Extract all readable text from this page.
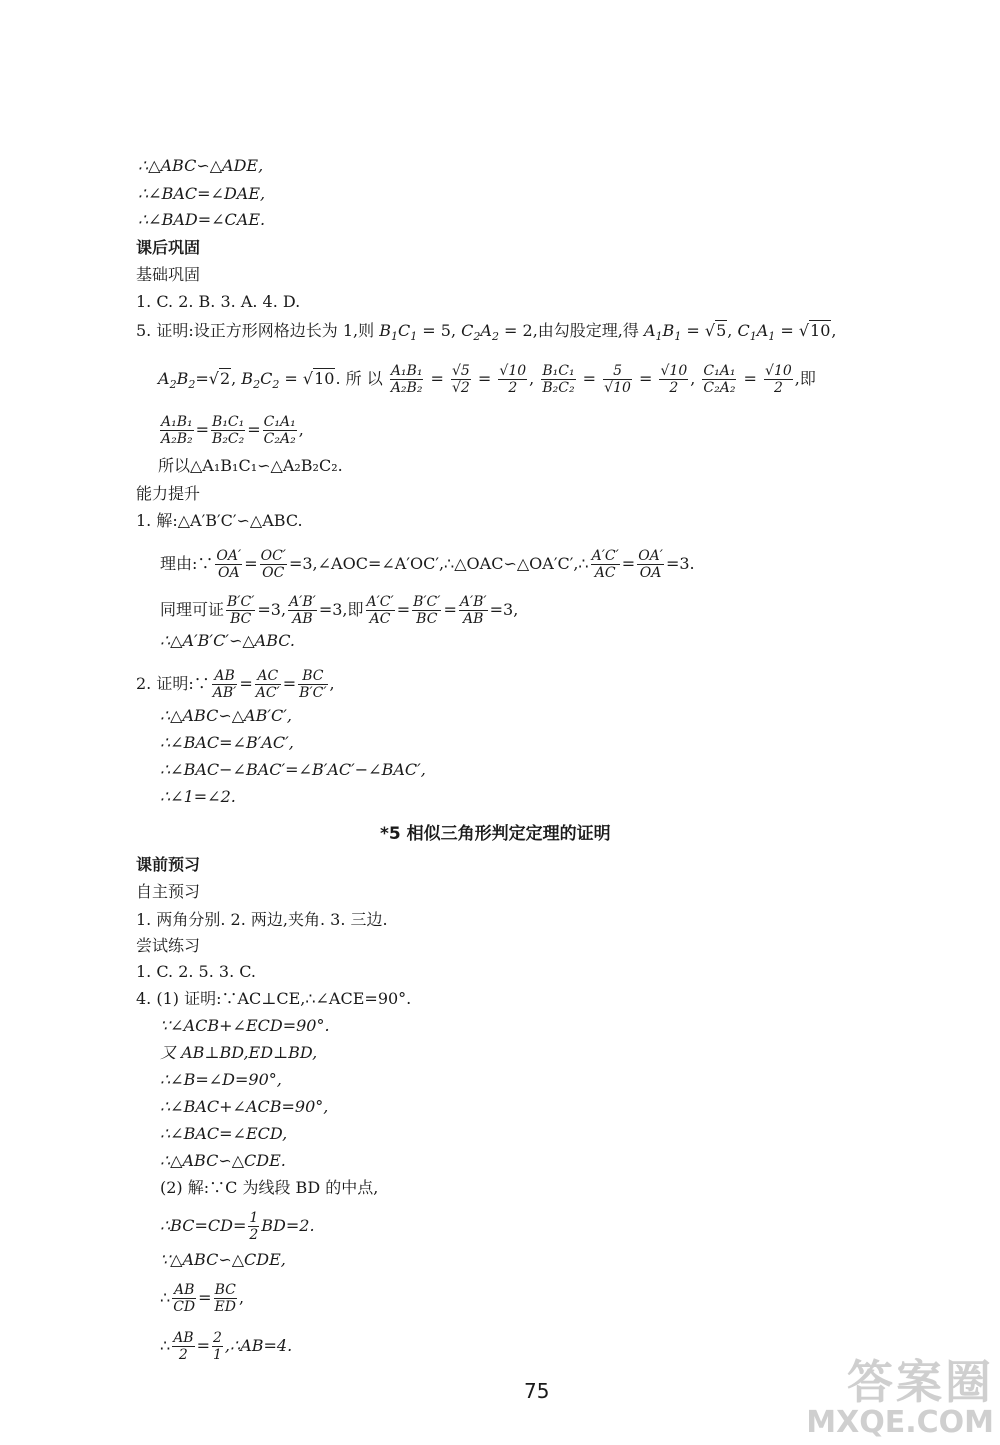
∴△ABC∽△ADE,
∴∠BAC=∠DAE,
∴∠BAD=∠CAE.
课后巩固
基础巩固
1. C. 2. B. 3. A. 4. D.
5. 证明:设正方形网格边长为 1,则 $B_1C_1 = 5$, $C_2A_2 = 2$,由勾股定理,得 $A_1B_1 = √5$, $C_1A_1 = √10$,
$A_2B_2=√2$, $B_2C_2 = √10$. 所 以 $\frac{\text{A₁B₁}}{\text{A₂B₂}} = \frac{√5}{√2} = \frac{√10}{2}$ , $\frac{\text{B₁C₁}}{\text{B₂C₂}} = \frac{5}{√10} = \frac{√10}{2}$ , $\frac{\text{C₁A₁}}{\text{C₂A₂}} = \frac{√10}{2}$ ,即
$\frac{\text{A₁B₁}}{\text{A₂B₂}} = \frac{\text{B₁C₁}}{\text{B₂C₂}} = \frac{\text{C₁A₁}}{\text{C₂A₂}}$ ,
所以△A₁B₁C₁∽△A₂B₂C₂.
能力提升
1. 解:△A′B′C′∽△ABC.
理由:∵ $\frac{OA'}{OA} = \frac{OC'}{OC}$ =3,∠AOC=∠A′OC′,∴△OAC∽△OA′C′,∴ $\frac{A'C'}{AC} = \frac{OA'}{OA} =3$.
同理可证 $\frac{B'C'}{BC} =3$, $\frac{A'B'}{AB} =3$,即 $\frac{A'C'}{AC} = \frac{B'C'}{BC} = \frac{A'B'}{AB} =3$,
∴△A′B′C′∽△ABC.
2. 证明:∵ $\frac{AB}{AB'} = \frac{AC}{AC'} = \frac{BC}{B'C'}$ ,
∴△ABC∽△AB′C′,
∴∠BAC=∠B′AC′,
∴∠BAC−∠BAC′=∠B′AC′−∠BAC′,
∴∠1=∠2.
*5 相似三角形判定定理的证明
课前预习
自主预习
1. 两角分别. 2. 两边,夹角. 3. 三边.
尝试练习
1. C. 2. 5. 3. C.
4. (1) 证明:∵AC⊥CE,∴∠ACE=90°.
∵∠ACB+∠ECD=90°.
又 AB⊥BD,ED⊥BD,
∴∠B=∠D=90°,
∴∠BAC+∠ACB=90°,
∴∠BAC=∠ECD,
∴△ABC∽△CDE.
(2) 解:∵C 为线段 BD 的中点,
∴BC=CD= $\frac{1}{2} BD=2$.
∵△ABC∽△CDE,
∴ $\frac{AB}{CD} = \frac{BC}{ED}$ ,
∴ $\frac{AB}{2} = \frac{2}{1}$ ,∴AB=4.
75	答案圈
MXQE.COM
